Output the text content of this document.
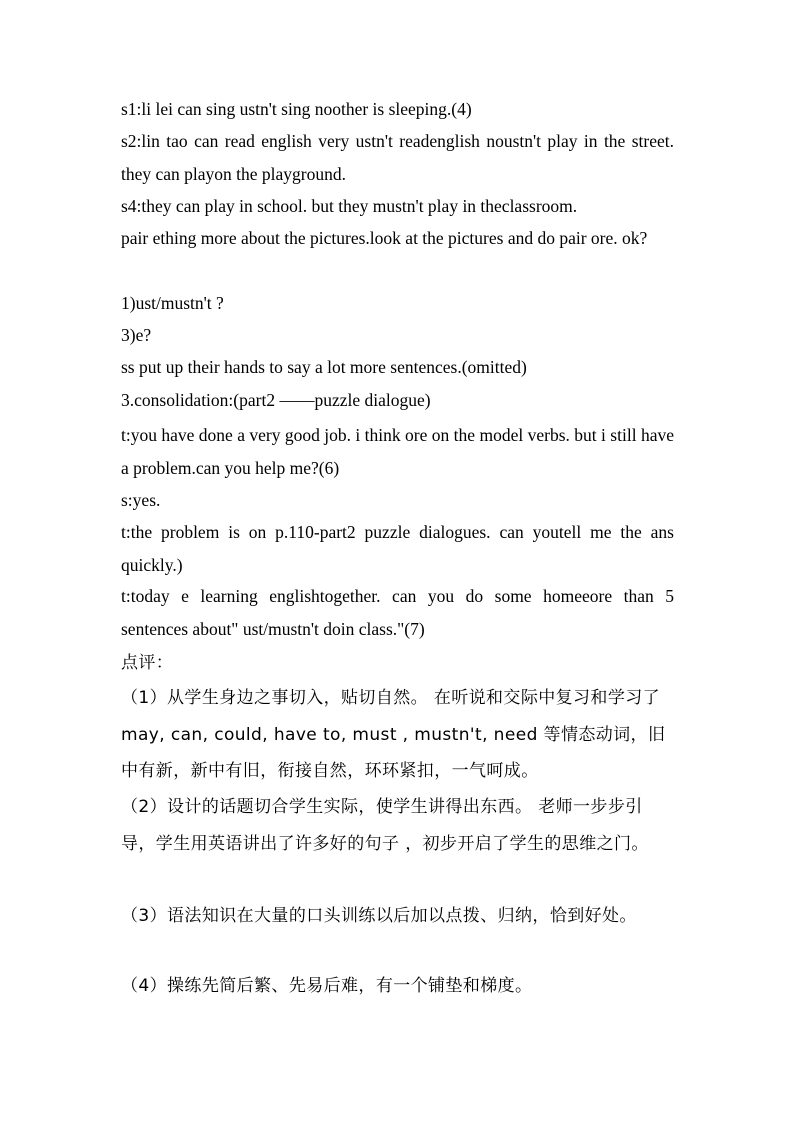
s1:li lei can sing ustn't sing noother is sleeping.(4)
s2:lin tao can read english very ustn't readenglish noustn't play in the street. they can playon the playground.
s4:they can play in school. but they mustn't play in theclassroom.
pair ething more about the pictures.look at the pictures and do pair ore. ok?
1)ust/mustn't ?
3)e?
ss put up their hands to say a lot more sentences.(omitted)
3.consolidation:(part2 ——puzzle dialogue)
t:you have done a very good job. i think ore on the model verbs. but i still have a problem.can you help me?(6)
s:yes.
t:the problem is on p.110-part2 puzzle dialogues. can youtell me the ans quickly.)
t:today e learning englishtogether. can you do some homeeore than 5 sentences about" ust/mustn't doin class."(7)
点评：
（1）从学生身边之事切入，贴切自然。 在听说和交际中复习和学习了 may, can, could, have to, must , mustn't, need 等情态动词，旧中有新，新中有旧，衔接自然，环环紧扣，一气呵成。
（2）设计的话题切合学生实际，使学生讲得出东西。 老师一步步引导，学生用英语讲出了许多好的句子 ，初步开启了学生的思维之门。
（3）语法知识在大量的口头训练以后加以点拨、归纳，恰到好处。
（4）操练先简后繁、先易后难，有一个铺垫和梯度。
